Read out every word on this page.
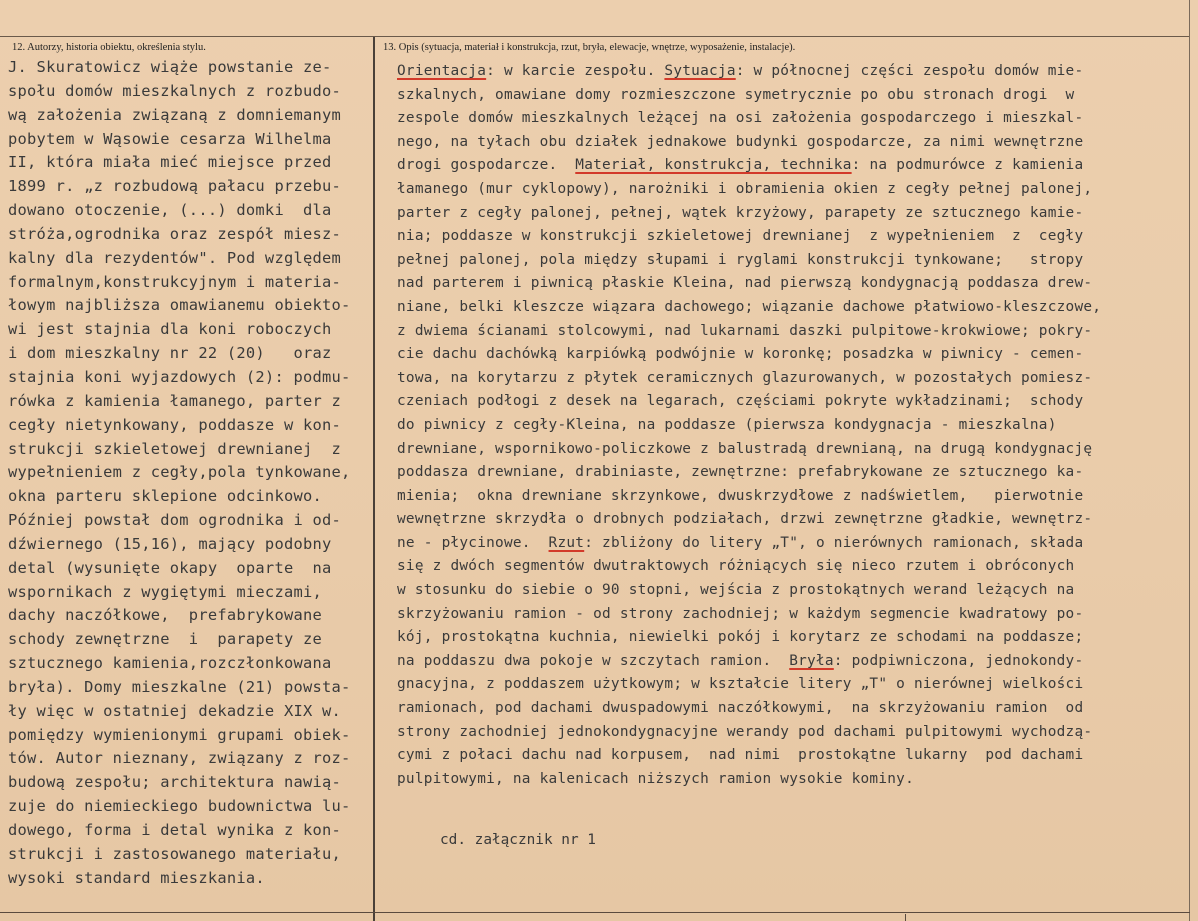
12. Autorzy, historia obiektu, określenia stylu.	13. Opis (sytuacja, materiał i konstrukcja, rzut, bryła, elewacje, wnętrze, wyposażenie, instalacje).
J. Skuratowicz wiąże powstanie ze-
społu domów mieszkalnych z rozbudo-
wą założenia związaną z domniemanym
pobytem w Wąsowie cesarza Wilhelma
II, która miała mieć miejsce przed
1899 r. „z rozbudową pałacu przebu-
dowano otoczenie, (...) domki  dla
stróża,ogrodnika oraz zespół miesz-
kalny dla rezydentów". Pod względem
formalnym,konstrukcyjnym i materia-
łowym najbliższa omawianemu obiekto-
wi jest stajnia dla koni roboczych
i dom mieszkalny nr 22 (20)   oraz
stajnia koni wyjazdowych (2): podmu-
rówka z kamienia łamanego, parter z
cegły nietynkowany, poddasze w kon-
strukcji szkieletowej drewnianej  z
wypełnieniem z cegły,pola tynkowane,
okna parteru sklepione odcinkowo.
Później powstał dom ogrodnika i od-
dźwiernego (15,16), mający podobny
detal (wysunięte okapy  oparte  na
wspornikach z wygiętymi mieczami,
dachy naczółkowe,  prefabrykowane
schody zewnętrzne  i  parapety ze
sztucznego kamienia,rozczłonkowana
bryła). Domy mieszkalne (21) powsta-
ły więc w ostatniej dekadzie XIX w.
pomiędzy wymienionymi grupami obiek-
tów. Autor nieznany, związany z roz-
budową zespołu; architektura nawią-
zuje do niemieckiego budownictwa lu-
dowego, forma i detal wynika z kon-
strukcji i zastosowanego materiału,
wysoki standard mieszkania.
Orientacja: w karcie zespołu. Sytuacja: w północnej części zespołu domów mie-
szkalnych, omawiane domy rozmieszczone symetrycznie po obu stronach drogi  w
zespole domów mieszkalnych leżącej na osi założenia gospodarczego i mieszkal-
nego, na tyłach obu działek jednakowe budynki gospodarcze, za nimi wewnętrzne
drogi gospodarcze.  Materiał, konstrukcja, technika: na podmurówce z kamienia
łamanego (mur cyklopowy), narożniki i obramienia okien z cegły pełnej palonej,
parter z cegły palonej, pełnej, wątek krzyżowy, parapety ze sztucznego kamie-
nia; poddasze w konstrukcji szkieletowej drewnianej  z wypełnieniem  z  cegły
pełnej palonej, pola między słupami i ryglami konstrukcji tynkowane;   stropy
nad parterem i piwnicą płaskie Kleina, nad pierwszą kondygnacją poddasza drew-
niane, belki kleszcze wiązara dachowego; wiązanie dachowe płatwiowo-kleszczowe,
z dwiema ścianami stolcowymi, nad lukarnami daszki pulpitowe-krokwiowe; pokry-
cie dachu dachówką karpiówką podwójnie w koronkę; posadzka w piwnicy - cemen-
towa, na korytarzu z płytek ceramicznych glazurowanych, w pozostałych pomiesz-
czeniach podłogi z desek na legarach, częściami pokryte wykładzinami;  schody
do piwnicy z cegły-Kleina, na poddasze (pierwsza kondygnacja - mieszkalna)
drewniane, wspornikowo-policzkowe z balustradą drewnianą, na drugą kondygnację
poddasza drewniane, drabiniaste, zewnętrzne: prefabrykowane ze sztucznego ka-
mienia;  okna drewniane skrzynkowe, dwuskrzydłowe z nadświetlem,   pierwotnie
wewnętrzne skrzydła o drobnych podziałach, drzwi zewnętrzne gładkie, wewnętrz-
ne - płycinowe.  Rzut: zbliżony do litery „T", o nierównych ramionach, składa
się z dwóch segmentów dwutraktowych różniących się nieco rzutem i obróconych
w stosunku do siebie o 90 stopni, wejścia z prostokątnych werand leżących na
skrzyżowaniu ramion - od strony zachodniej; w każdym segmencie kwadratowy po-
kój, prostokątna kuchnia, niewielki pokój i korytarz ze schodami na poddasze;
na poddaszu dwa pokoje w szczytach ramion.  Bryła: podpiwniczona, jednokondy-
gnacyjna, z poddaszem użytkowym; w kształcie litery „T" o nierównej wielkości
ramionach, pod dachami dwuspadowymi naczółkowymi,  na skrzyżowaniu ramion  od
strony zachodniej jednokondygnacyjne werandy pod dachami pulpitowymi wychodzą-
cymi z połaci dachu nad korpusem,  nad nimi  prostokątne lukarny  pod dachami
pulpitowymi, na kalenicach niższych ramion wysokie kominy.
cd. załącznik nr 1
